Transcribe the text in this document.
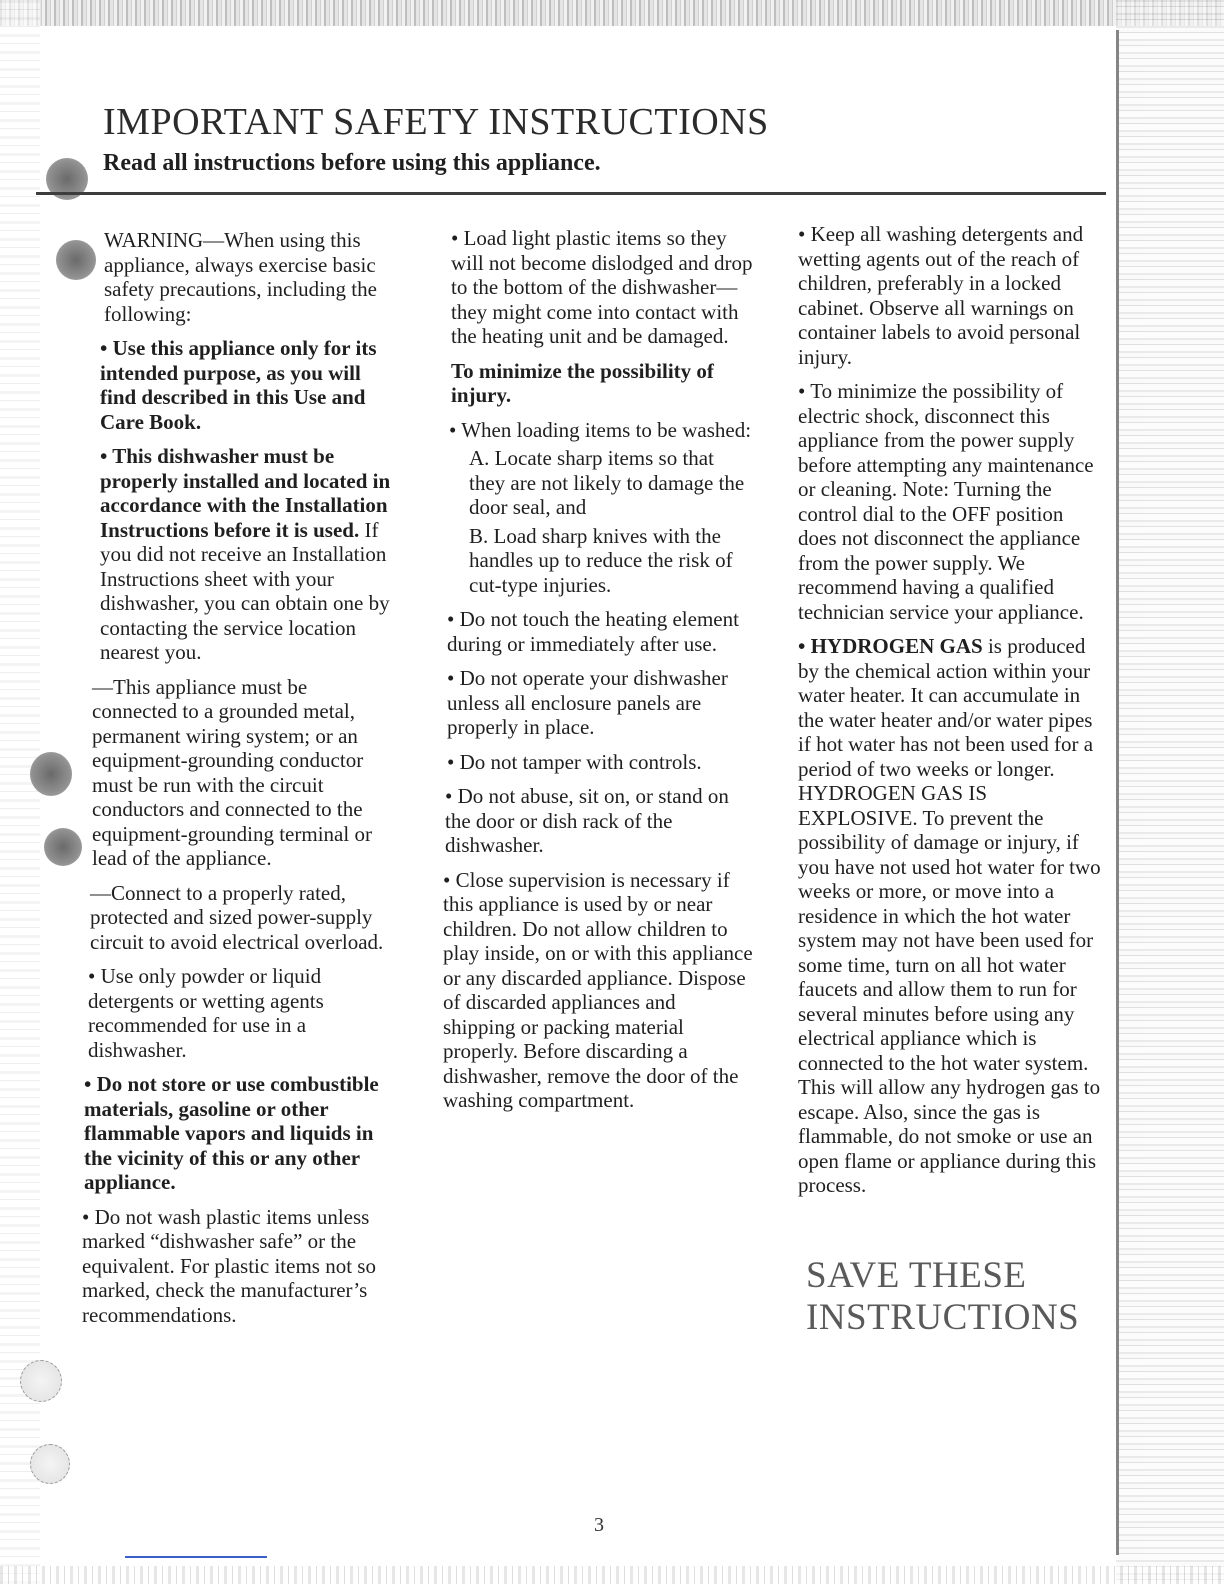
IMPORTANT SAFETY INSTRUCTIONS
Read all instructions before using this appliance.

WARNING—When using this appliance, always exercise basic safety precautions, including the following:

• Use this appliance only for its intended purpose, as you will find described in this Use and Care Book.

• This dishwasher must be properly installed and located in accordance with the Installation Instructions before it is used. If you did not receive an Installation Instructions sheet with your dishwasher, you can obtain one by contacting the service location nearest you.

—This appliance must be connected to a grounded metal, permanent wiring system; or an equipment-grounding conductor must be run with the circuit conductors and connected to the equipment-grounding terminal or lead of the appliance.

—Connect to a properly rated, protected and sized power-supply circuit to avoid electrical overload.

• Use only powder or liquid detergents or wetting agents recommended for use in a dishwasher.

• Do not store or use combustible materials, gasoline or other flammable vapors and liquids in the vicinity of this or any other appliance.

• Do not wash plastic items unless marked “dishwasher safe” or the equivalent. For plastic items not so marked, check the manufacturer’s recommendations.

• Load light plastic items so they will not become dislodged and drop to the bottom of the dishwasher—they might come into contact with the heating unit and be damaged.

To minimize the possibility of injury.

• When loading items to be washed:

A. Locate sharp items so that they are not likely to damage the door seal, and

B. Load sharp knives with the handles up to reduce the risk of cut-type injuries.

• Do not touch the heating element during or immediately after use.

• Do not operate your dishwasher unless all enclosure panels are properly in place.

• Do not tamper with controls.

• Do not abuse, sit on, or stand on the door or dish rack of the dishwasher.

• Close supervision is necessary if this appliance is used by or near children. Do not allow children to play inside, on or with this appliance or any discarded appliance. Dispose of discarded appliances and shipping or packing material properly. Before discarding a dishwasher, remove the door of the washing compartment.

• Keep all washing detergents and wetting agents out of the reach of children, preferably in a locked cabinet. Observe all warnings on container labels to avoid personal injury.

• To minimize the possibility of electric shock, disconnect this appliance from the power supply before attempting any maintenance or cleaning. Note: Turning the control dial to the OFF position does not disconnect the appliance from the power supply. We recommend having a qualified technician service your appliance.

• HYDROGEN GAS is produced by the chemical action within your water heater. It can accumulate in the water heater and/or water pipes if hot water has not been used for a period of two weeks or longer. HYDROGEN GAS IS EXPLOSIVE. To prevent the possibility of damage or injury, if you have not used hot water for two weeks or more, or move into a residence in which the hot water system may not have been used for some time, turn on all hot water faucets and allow them to run for several minutes before using any electrical appliance which is connected to the hot water system. This will allow any hydrogen gas to escape. Also, since the gas is flammable, do not smoke or use an open flame or appliance during this process.

SAVE THESE
INSTRUCTIONS
3
